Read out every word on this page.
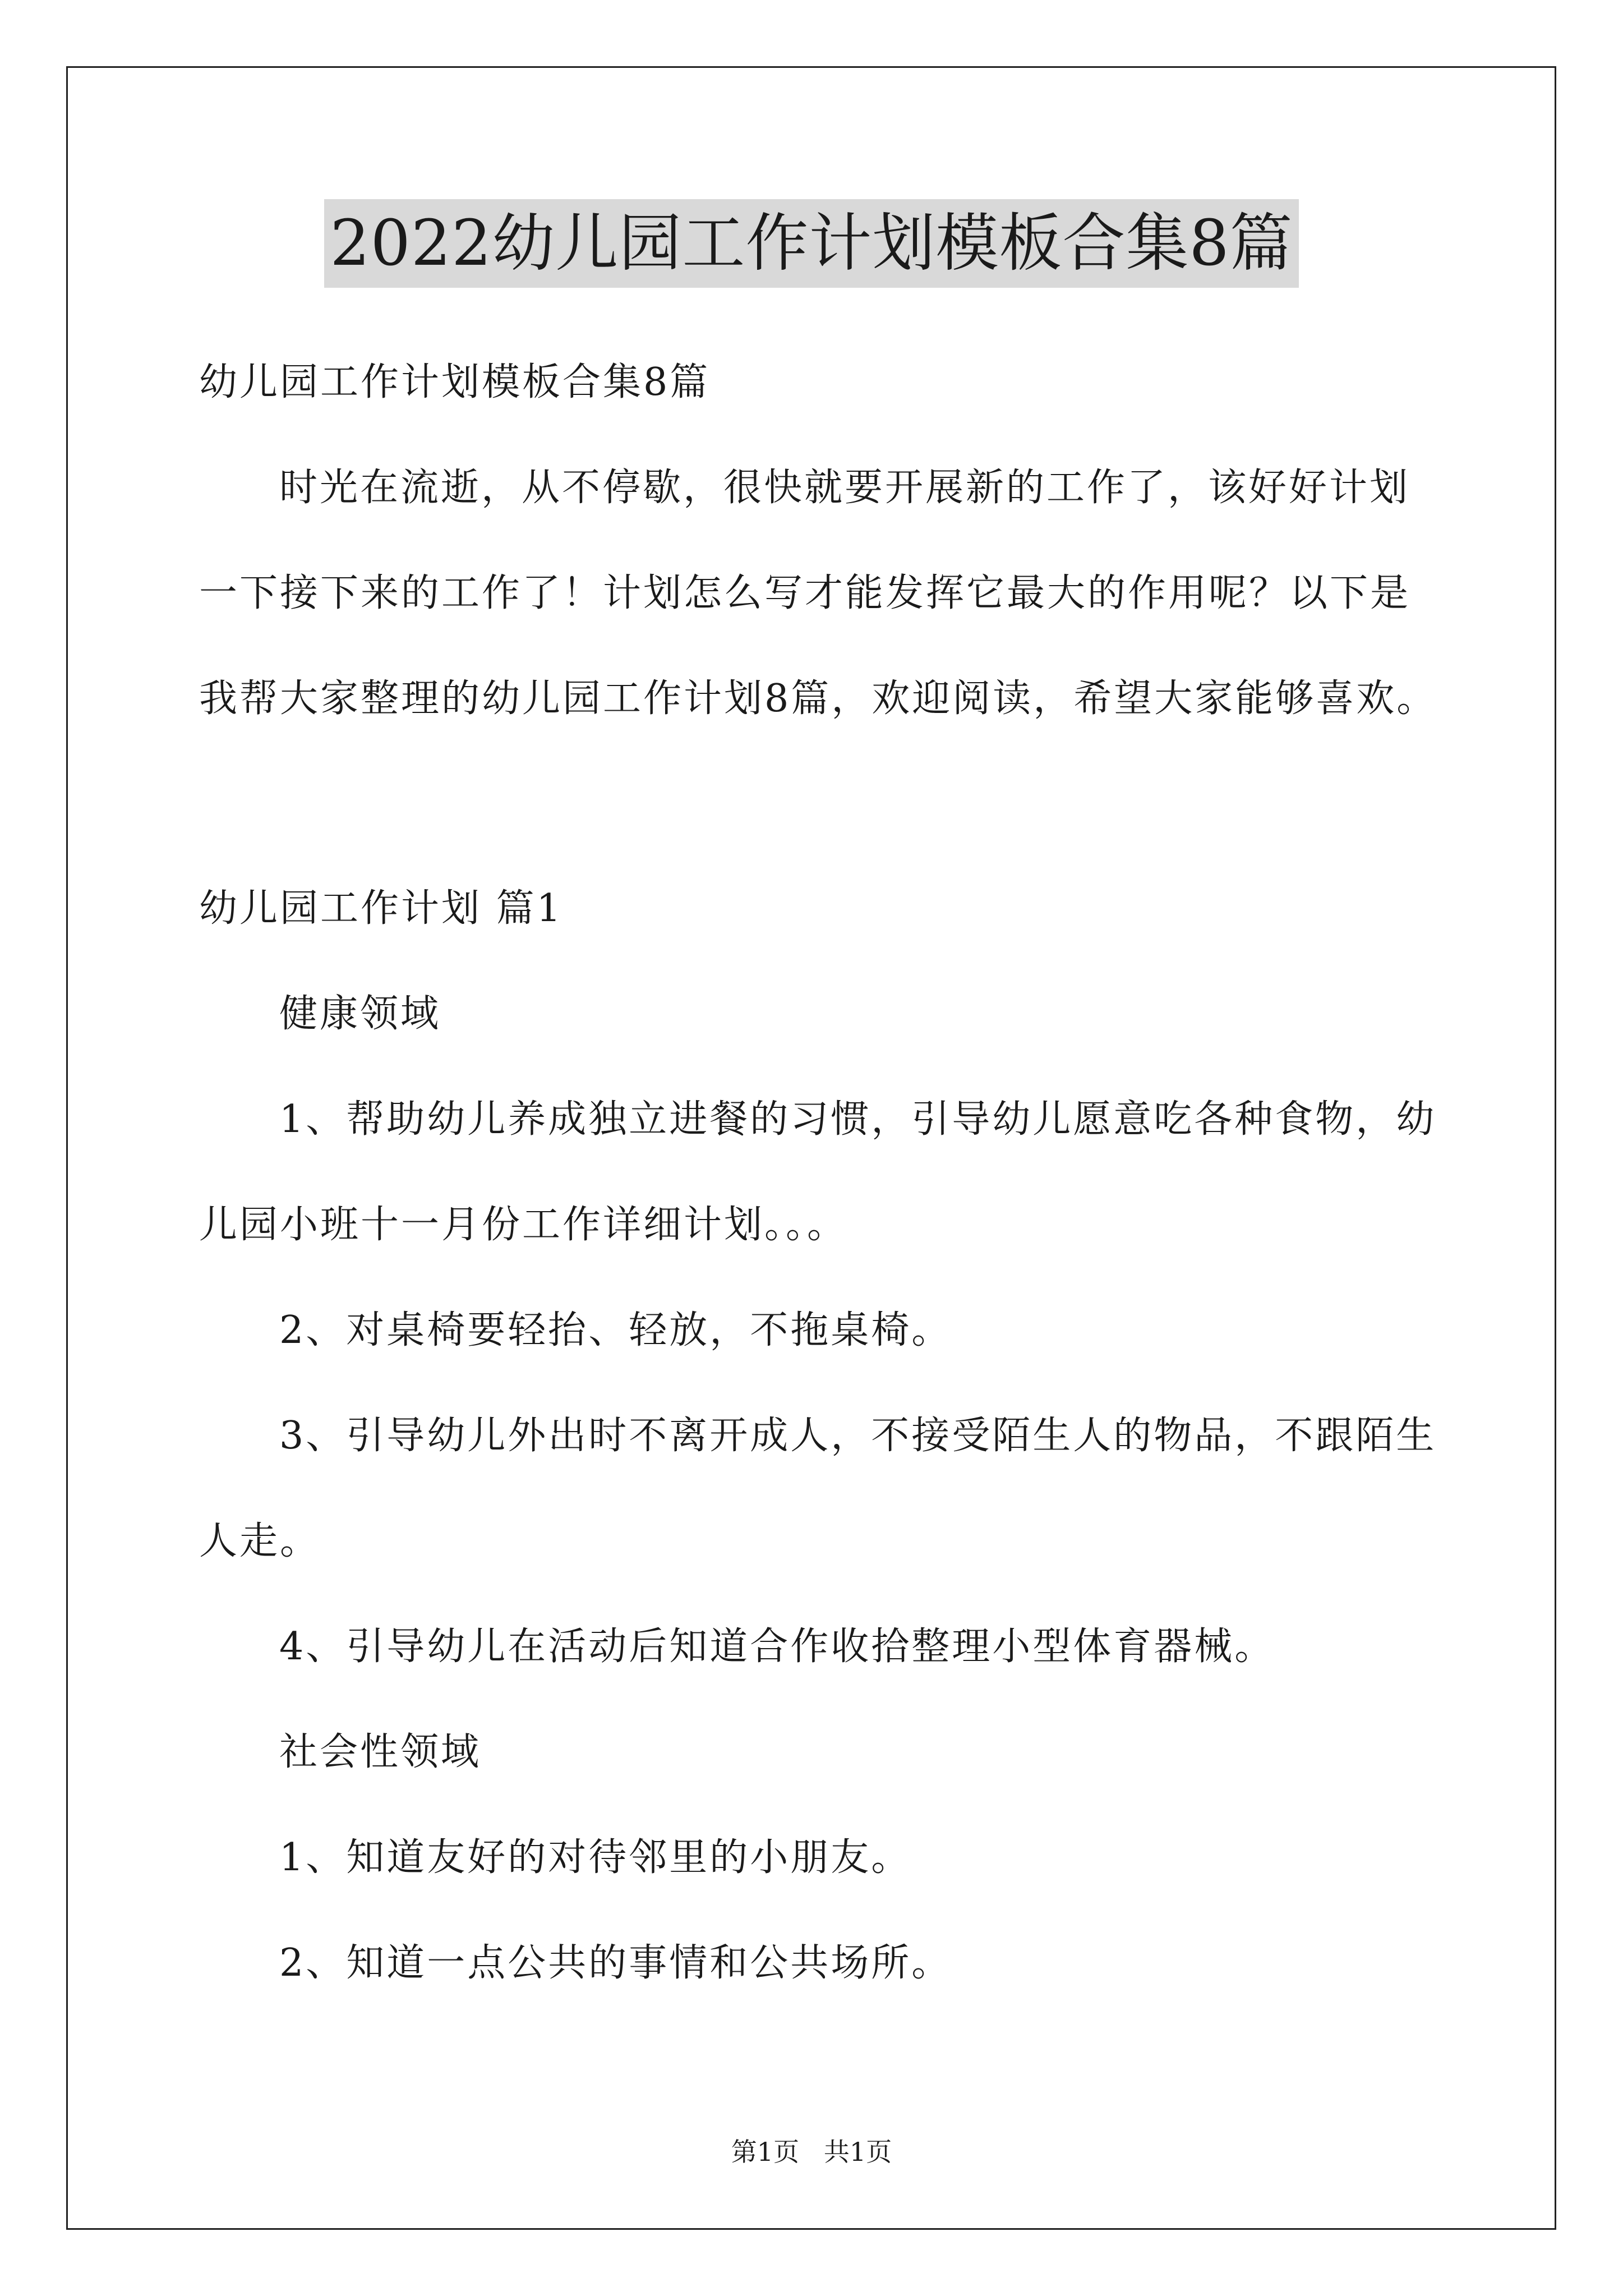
2022幼儿园工作计划模板合集8篇
幼儿园工作计划模板合集8篇
时光在流逝，从不停歇，很快就要开展新的工作了，该好好计划
一下接下来的工作了！计划怎么写才能发挥它最大的作用呢？以下是
我帮大家整理的幼儿园工作计划8篇，欢迎阅读，希望大家能够喜欢。
幼儿园工作计划 篇1
健康领域
1、帮助幼儿养成独立进餐的习惯，引导幼儿愿意吃各种食物，幼
儿园小班十一月份工作详细计划。。。
2、对桌椅要轻抬、轻放，不拖桌椅。
3、引导幼儿外出时不离开成人，不接受陌生人的物品，不跟陌生
人走。
4、引导幼儿在活动后知道合作收拾整理小型体育器械。
社会性领域
1、知道友好的对待邻里的小朋友。
2、知道一点公共的事情和公共场所。
第1页   共1页
